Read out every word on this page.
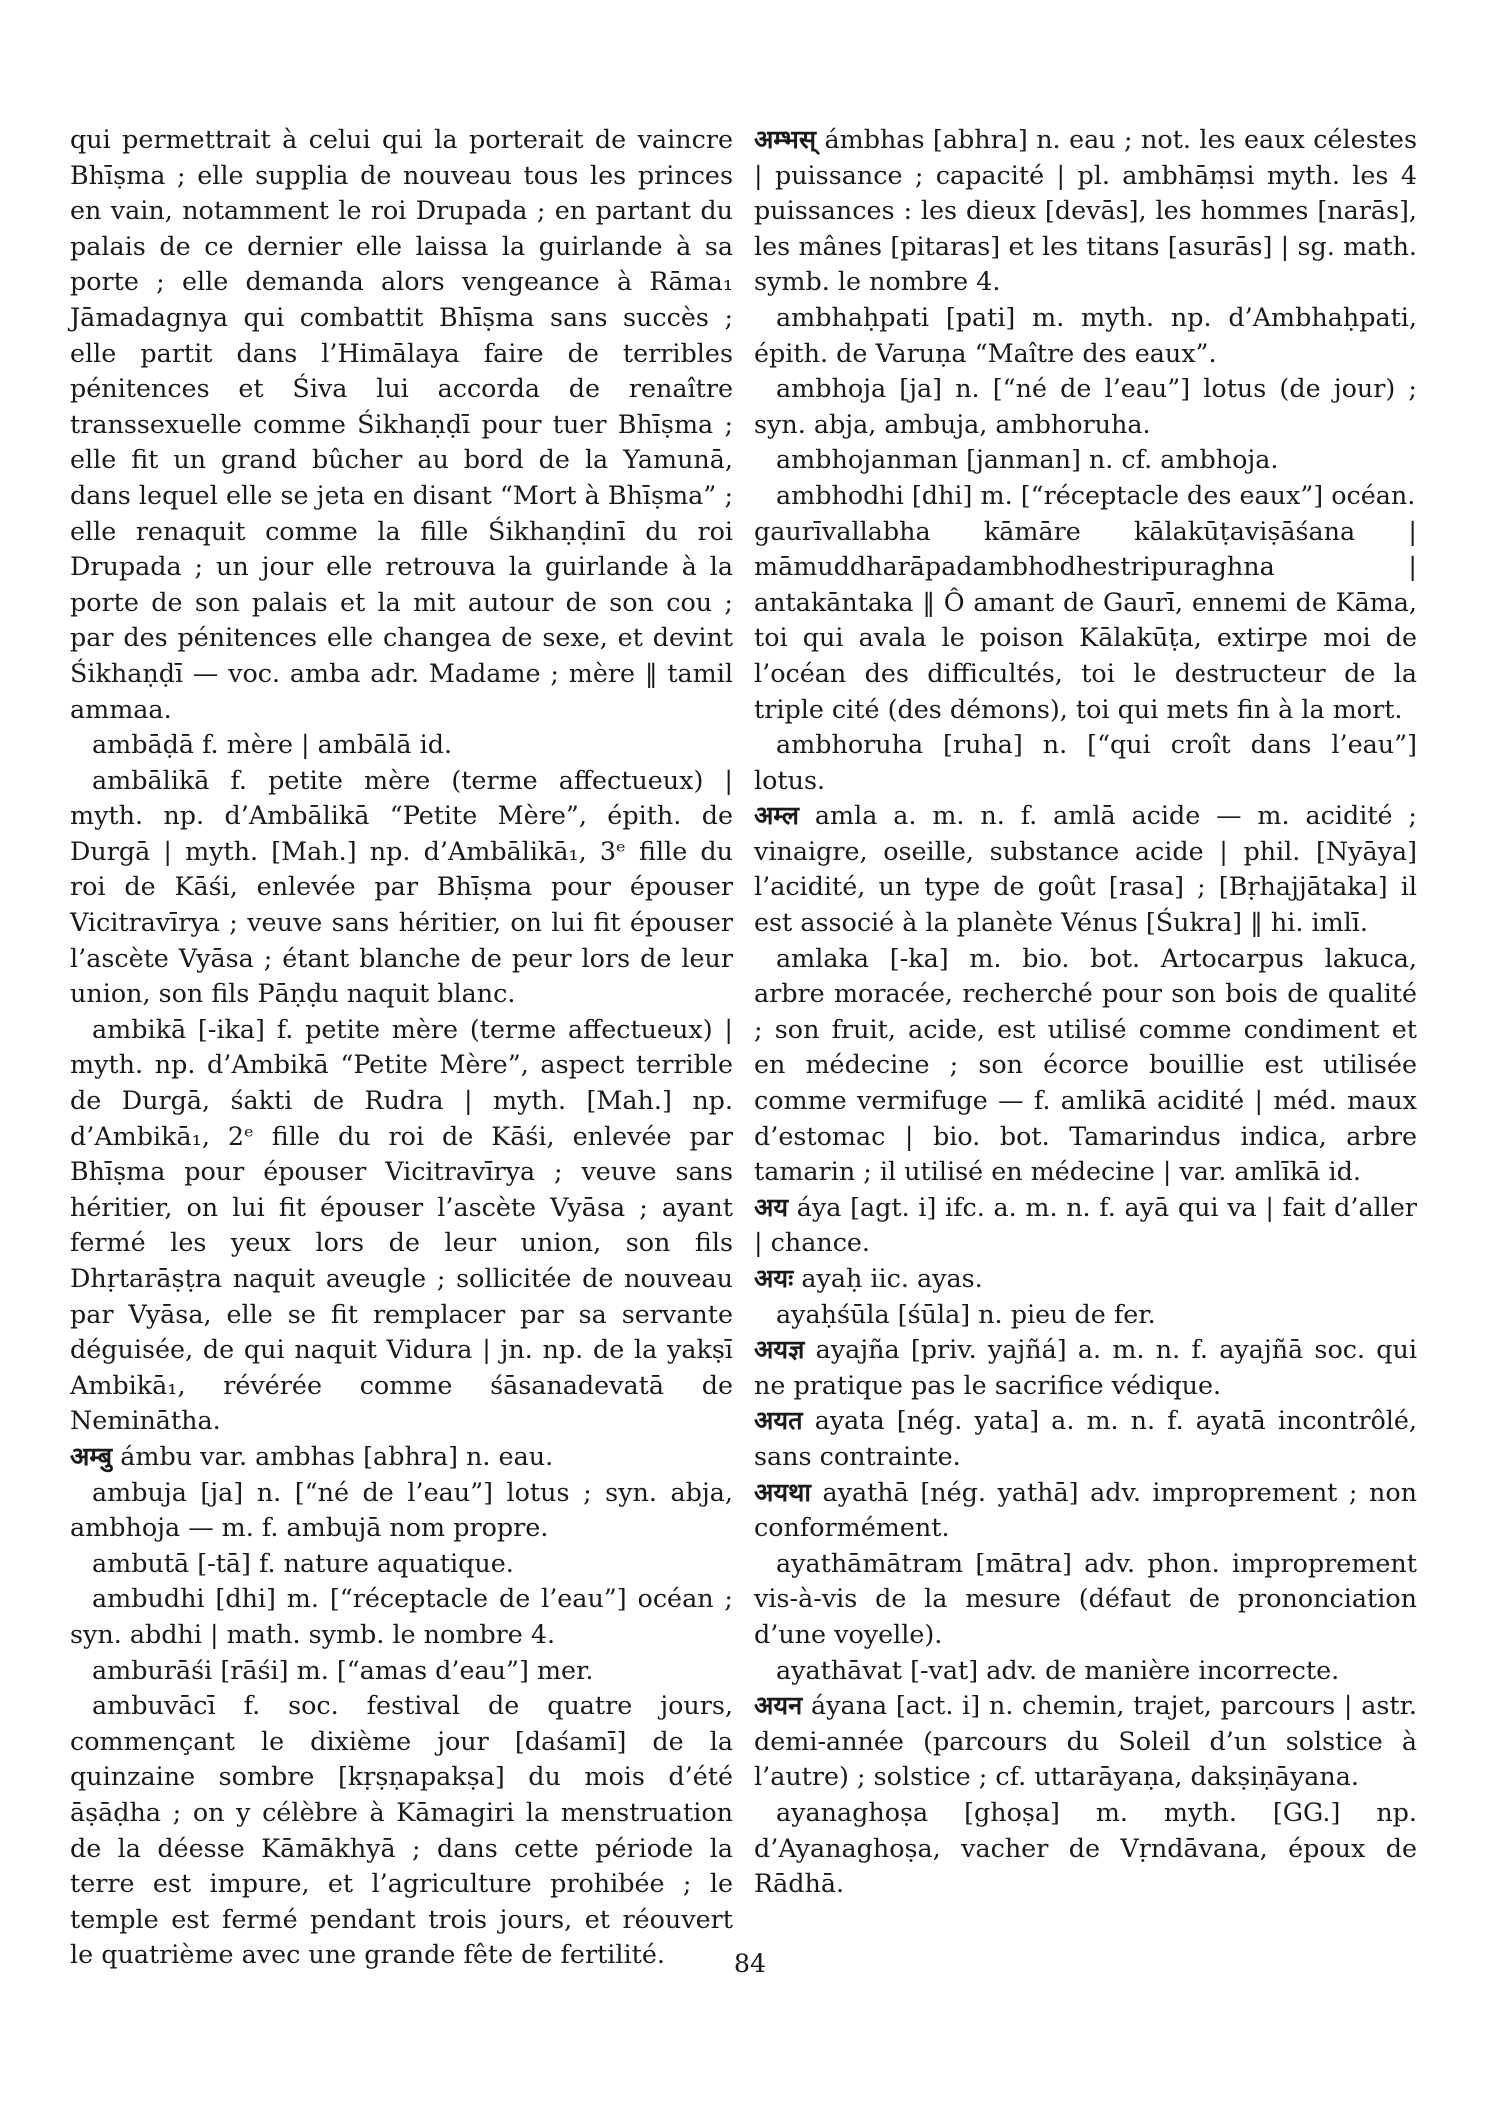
qui permettrait à celui qui la porterait de vaincre Bhīṣma ; elle supplia de nouveau tous les princes en vain, notamment le roi Drupada ; en partant du palais de ce dernier elle laissa la guirlande à sa porte ; elle demanda alors vengeance à Rāma₁ Jāmadagnya qui combattit Bhīṣma sans succès ; elle partit dans l’Himālaya faire de terribles pénitences et Śiva lui accorda de renaître transsexuelle comme Śikhaṇḍī pour tuer Bhīṣma ; elle fit un grand bûcher au bord de la Yamunā, dans lequel elle se jeta en disant “Mort à Bhīṣma” ; elle renaquit comme la fille Śikhaṇḍinī du roi Drupada ; un jour elle retrouva la guirlande à la porte de son palais et la mit autour de son cou ; par des pénitences elle changea de sexe, et devint Śikhaṇḍī — voc. amba adr. Madame ; mère ‖ tamil ammaa.

ambāḍā f. mère | ambālā id.

ambālikā f. petite mère (terme affectueux) | myth. np. d’Ambālikā “Petite Mère”, épith. de Durgā | myth. [Mah.] np. d’Ambālikā₁, 3ᵉ fille du roi de Kāśi, enlevée par Bhīṣma pour épouser Vicitravīrya ; veuve sans héritier, on lui fit épouser l’ascète Vyāsa ; étant blanche de peur lors de leur union, son fils Pāṇḍu naquit blanc.

ambikā [-ika] f. petite mère (terme affectueux) | myth. np. d’Ambikā “Petite Mère”, aspect terrible de Durgā, śakti de Rudra | myth. [Mah.] np. d’Ambikā₁, 2ᵉ fille du roi de Kāśi, enlevée par Bhīṣma pour épouser Vicitravīrya ; veuve sans héritier, on lui fit épouser l’ascète Vyāsa ; ayant fermé les yeux lors de leur union, son fils Dhṛtarāṣṭra naquit aveugle ; sollicitée de nouveau par Vyāsa, elle se fit remplacer par sa servante déguisée, de qui naquit Vidura | jn. np. de la yakṣī Ambikā₁, révérée comme śāsanadevatā de Neminātha.

अम्बु ámbu var. ambhas [abhra] n. eau.

ambuja [ja] n. [“né de l’eau”] lotus ; syn. abja, ambhoja — m. f. ambujā nom propre.

ambutā [-tā] f. nature aquatique.

ambudhi [dhi] m. [“réceptacle de l’eau”] océan ; syn. abdhi | math. symb. le nombre 4.

amburāśi [rāśi] m. [“amas d’eau”] mer.

ambuvācī f. soc. festival de quatre jours, commençant le dixième jour [daśamī] de la quinzaine sombre [kṛṣṇapakṣa] du mois d’été āṣāḍha ; on y célèbre à Kāmagiri la menstruation de la déesse Kāmākhyā ; dans cette période la terre est impure, et l’agriculture prohibée ; le temple est fermé pendant trois jours, et réouvert le quatrième avec une grande fête de fertilité.

अम्भस् ámbhas [abhra] n. eau ; not. les eaux célestes | puissance ; capacité | pl. ambhāṃsi myth. les 4 puissances : les dieux [devās], les hommes [narās], les mânes [pitaras] et les titans [asurās] | sg. math. symb. le nombre 4.

ambhaḥpati [pati] m. myth. np. d’Ambhaḥpati, épith. de Varuṇa “Maître des eaux”.

ambhoja [ja] n. [“né de l’eau”] lotus (de jour) ; syn. abja, ambuja, ambhoruha.

ambhojanman [janman] n. cf. ambhoja.

ambhodhi [dhi] m. [“réceptacle des eaux”] océan.

gaurīvallabha kāmāre kālakūṭaviṣāśana | māmuddharāpadambhodhestripuraghna | antakāntaka ‖ Ô amant de Gaurī, ennemi de Kāma, toi qui avala le poison Kālakūṭa, extirpe moi de l’océan des difficultés, toi le destructeur de la triple cité (des démons), toi qui mets fin à la mort.

ambhoruha [ruha] n. [“qui croît dans l’eau”] lotus.

अम्ल amla a. m. n. f. amlā acide — m. acidité ; vinaigre, oseille, substance acide | phil. [Nyāya] l’acidité, un type de goût [rasa] ; [Bṛhajjātaka] il est associé à la planète Vénus [Śukra] ‖ hi. imlī.

amlaka [-ka] m. bio. bot. Artocarpus lakuca, arbre moracée, recherché pour son bois de qualité ; son fruit, acide, est utilisé comme condiment et en médecine ; son écorce bouillie est utilisée comme vermifuge — f. amlikā acidité | méd. maux d’estomac | bio. bot. Tamarindus indica, arbre tamarin ; il utilisé en médecine | var. amlīkā id.

अय áya [agt. i] ifc. a. m. n. f. ayā qui va | fait d’aller | chance.

अयः ayaḥ iic. ayas.

ayaḥśūla [śūla] n. pieu de fer.

अयज्ञ ayajña [priv. yajñá] a. m. n. f. ayajñā soc. qui ne pratique pas le sacrifice védique.

अयत ayata [nég. yata] a. m. n. f. ayatā incontrôlé, sans contrainte.

अयथा ayathā [nég. yathā] adv. improprement ; non conformément.

ayathāmātram [mātra] adv. phon. improprement vis-à-vis de la mesure (défaut de prononciation d’une voyelle).

ayathāvat [-vat] adv. de manière incorrecte.

अयन áyana [act. i] n. chemin, trajet, parcours | astr. demi-année (parcours du Soleil d’un solstice à l’autre) ; solstice ; cf. uttarāyaṇa, dakṣiṇāyana.

ayanaghoṣa [ghoṣa] m. myth. [GG.] np. d’Ayanaghoṣa, vacher de Vṛndāvana, époux de Rādhā.

84
